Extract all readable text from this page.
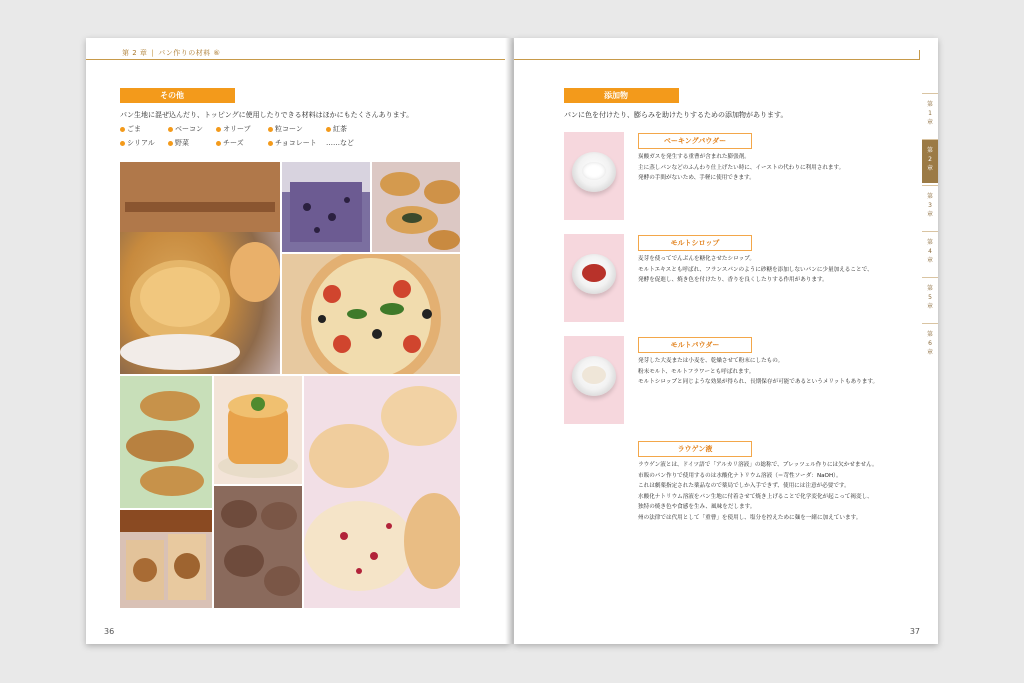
第 2 章 | パン作りの材料 ⑥
その他
パン生地に混ぜ込んだり、トッピングに使用したりできる材料はほかにもたくさんあります。
ごま	ベーコン	オリーブ	粒コーン	紅茶
シリアル	野菜	チーズ	チョコレート ……など
36
添加物
パンに色を付けたり、膨らみを助けたりするための添加物があります。
ベーキングパウダー
炭酸ガスを発生する重曹が含まれた膨張剤。
主に蒸しパンなどのふんわり仕上げたい時に、イーストの代わりに利用されます。
発酵の手間がないため、手軽に使用できます。
モルトシロップ
麦芽を使ってでんぷんを糖化させたシロップ。
モルトエキスとも呼ばれ、フランスパンのように砂糖を添加しないパンに少量加えることで、
発酵を促進し、焼き色を付けたり、香りを良くしたりする作用があります。
モルトパウダー
発芽した大麦または小麦を、乾燥させて粉末にしたもの。
粉末モルト、モルトフラワーとも呼ばれます。
モルトシロップと同じような効果が得られ、長期保存が可能であるというメリットもあります。
ラウゲン液
ラウゲン液とは、ドイツ語で「アルカリ溶液」の総称で、プレッツェル作りには欠かせません。
市販のパン作りで使用するのは水酸化ナトリウム溶液（＝苛性ソーダ：NaOH）。
これは劇薬指定された薬品なので薬局でしか入手できず、使用には注意が必要です。
水酸化ナトリウム溶液をパン生地に付着させて焼き上げることで化学変化が起こって褐変し、
独特の焼き色や食感を生み、風味をだします。
州の法律では代用として「重曹」を使用し、塩分を控えために麺を一緒に加えています。
37
第
1
章
第
2
章
第
3
章
第
4
章
第
5
章
第
6
章
